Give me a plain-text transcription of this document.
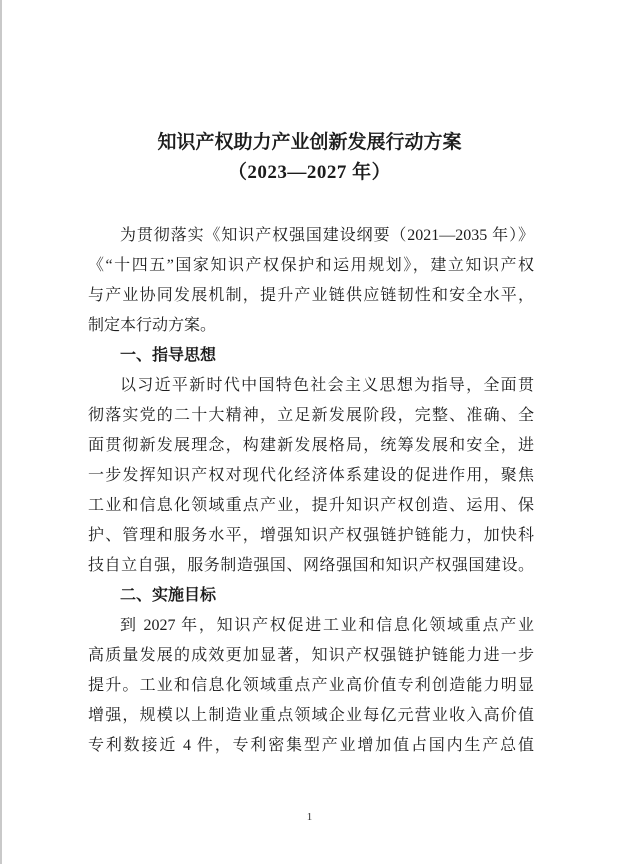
知识产权助力产业创新发展行动方案
（2023—2027 年）
为贯彻落实《知识产权强国建设纲要（2021—2035 年）》
《“十四五”国家知识产权保护和运用规划》，建立知识产权
与产业协同发展机制，提升产业链供应链韧性和安全水平，
制定本行动方案。
一、指导思想
以习近平新时代中国特色社会主义思想为指导，全面贯
彻落实党的二十大精神，立足新发展阶段，完整、准确、全
面贯彻新发展理念，构建新发展格局，统筹发展和安全，进
一步发挥知识产权对现代化经济体系建设的促进作用，聚焦
工业和信息化领域重点产业，提升知识产权创造、运用、保
护、管理和服务水平，增强知识产权强链护链能力，加快科
技自立自强，服务制造强国、网络强国和知识产权强国建设。
二、实施目标
到 2027 年，知识产权促进工业和信息化领域重点产业
高质量发展的成效更加显著，知识产权强链护链能力进一步
提升。工业和信息化领域重点产业高价值专利创造能力明显
增强，规模以上制造业重点领域企业每亿元营业收入高价值
专利数接近 4 件，专利密集型产业增加值占国内生产总值
1
